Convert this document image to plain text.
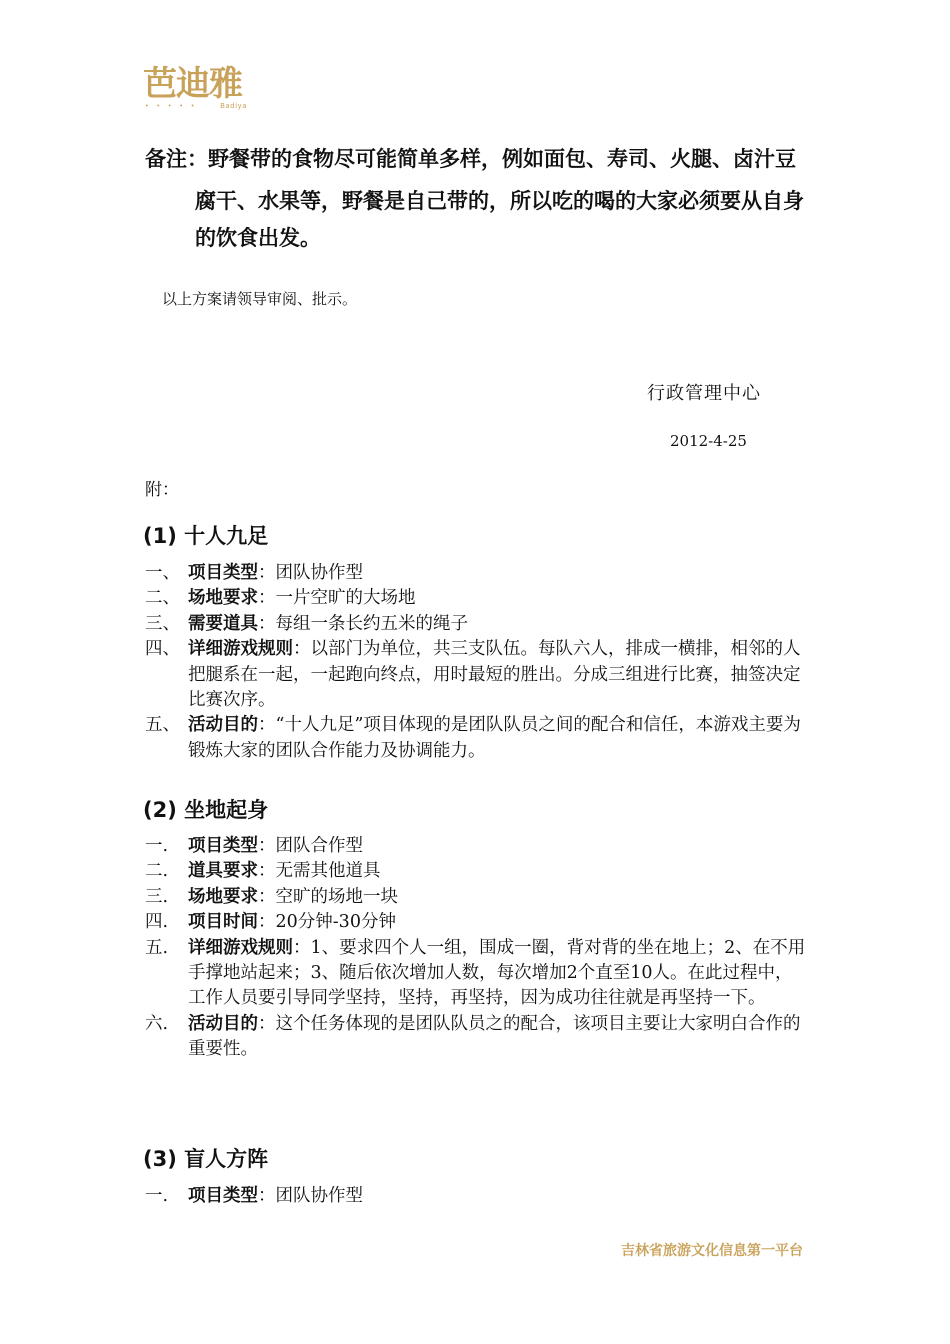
芭迪雅
• • • • •	Badiya
备注：野餐带的食物尽可能简单多样，例如面包、寿司、火腿、卤汁豆
腐干、水果等，野餐是自己带的，所以吃的喝的大家必须要从自身的饮食出发。
以上方案请领导审阅、批示。
行政管理中心
2012-4-25
附：
(1) 十人九足
一、 项目类型：团队协作型
二、 场地要求：一片空旷的大场地
三、 需要道具：每组一条长约五米的绳子
四、 详细游戏规则：以部门为单位，共三支队伍。每队六人，排成一横排，相邻的人把腿系在一起，一起跑向终点，用时最短的胜出。分成三组进行比赛，抽签决定比赛次序。
五、 活动目的：“十人九足”项目体现的是团队队员之间的配合和信任，本游戏主要为锻炼大家的团队合作能力及协调能力。
(2) 坐地起身
一. 项目类型：团队合作型
二. 道具要求：无需其他道具
三. 场地要求：空旷的场地一块
四. 项目时间：20分钟-30分钟
五. 详细游戏规则：1、要求四个人一组，围成一圈，背对背的坐在地上；2、在不用手撑地站起来；3、随后依次增加人数，每次增加2个直至10人。在此过程中，工作人员要引导同学坚持，坚持，再坚持，因为成功往往就是再坚持一下。
六. 活动目的：这个任务体现的是团队队员之的配合，该项目主要让大家明白合作的重要性。
(3) 盲人方阵
一. 项目类型：团队协作型
吉林省旅游文化信息第一平台
